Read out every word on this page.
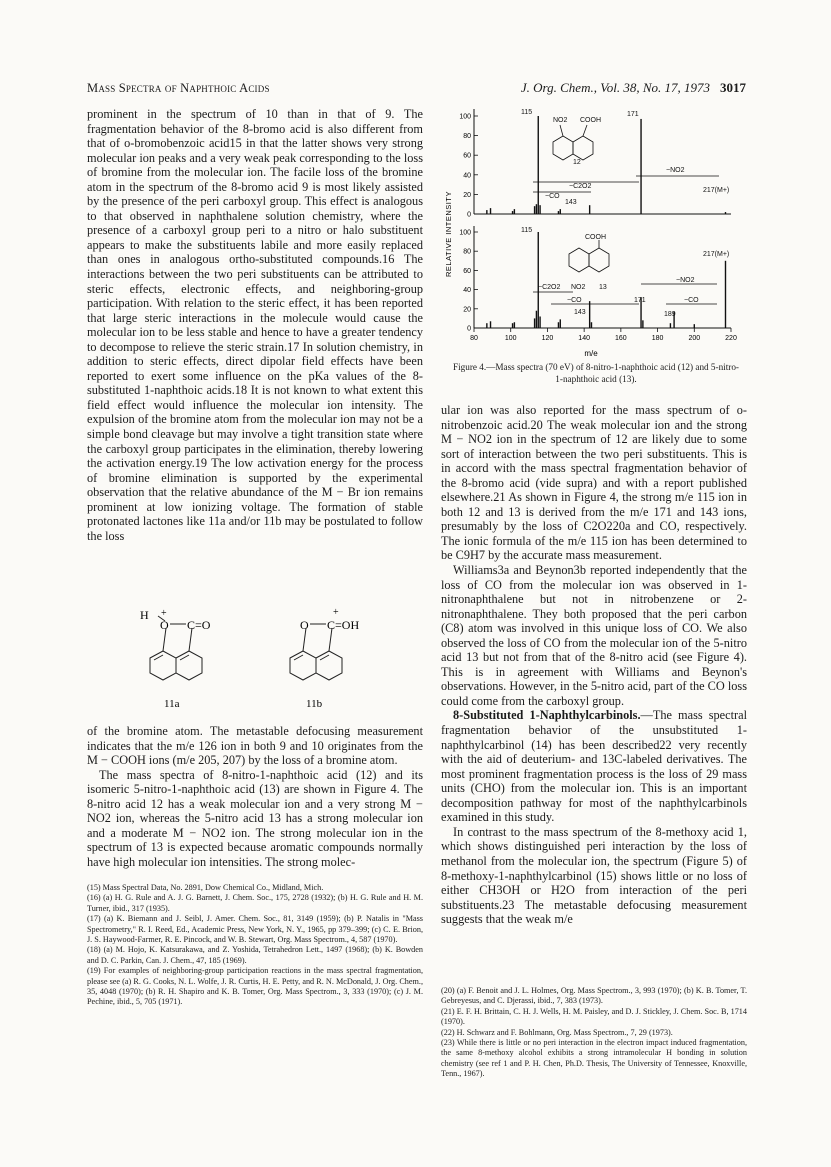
Mass Spectra of Naphthoic Acids	J. Org. Chem., Vol. 38, No. 17, 1973 3017

prominent in the spectrum of 10 than in that of 9. The fragmentation behavior of the 8-bromo acid is also different from that of o-bromobenzoic acid15 in that the latter shows very strong molecular ion peaks and a very weak peak corresponding to the loss of bromine from the molecular ion. The facile loss of the bromine atom in the spectrum of the 8-bromo acid 9 is most likely assisted by the presence of the peri carboxyl group. This effect is analogous to that observed in naphthalene solution chemistry, where the presence of a carboxyl group peri to a nitro or halo substituent appears to make the substituents labile and more easily replaced than ones in analogous ortho-substituted compounds.16 The interactions between the two peri substituents can be attributed to steric effects, electronic effects, and neighboring-group participation. With relation to the steric effect, it has been reported that large steric interactions in the molecule would cause the molecular ion to be less stable and hence to have a greater tendency to decompose to relieve the steric strain.17 In solution chemistry, in addition to steric effects, direct dipolar field effects have been reported to exert some influence on the pKa values of the 8-substituted 1-naphthoic acids.18 It is not known to what extent this field effect would influence the molecular ion intensity. The expulsion of the bromine atom from the molecular ion may not be a simple bond cleavage but may involve a tight transition state where the carboxyl group participates in the elimination, thereby lowering the activation energy.19 The low activation energy for the process of bromine elimination is supported by the experimental observation that the relative abundance of the M − Br ion remains prominent at low ionizing voltage. The formation of stable protonated lactones like 11a and/or 11b may be postulated to follow the loss

H +
O C=O
11a
+
O C=OH
11b

of the bromine atom. The metastable defocusing measurement indicates that the m/e 126 ion in both 9 and 10 originates from the M − COOH ions (m/e 205, 207) by the loss of a bromine atom.

The mass spectra of 8-nitro-1-naphthoic acid (12) and its isomeric 5-nitro-1-naphthoic acid (13) are shown in Figure 4. The 8-nitro acid 12 has a weak molecular ion and a very strong M − NO2 ion, whereas the 5-nitro acid 13 has a strong molecular ion and a moderate M − NO2 ion. The strong molecular ion in the spectrum of 13 is expected because aromatic compounds normally have high molecular ion intensities. The strong molec-

(15) Mass Spectral Data, No. 2891, Dow Chemical Co., Midland, Mich.

(16) (a) H. G. Rule and A. J. G. Barnett, J. Chem. Soc., 175, 2728 (1932); (b) H. G. Rule and H. M. Turner, ibid., 317 (1935).

(17) (a) K. Biemann and J. Seibl, J. Amer. Chem. Soc., 81, 3149 (1959); (b) P. Natalis in "Mass Spectrometry," R. I. Reed, Ed., Academic Press, New York, N. Y., 1965, pp 379–399; (c) C. E. Brion, J. S. Haywood-Farmer, R. E. Pincock, and W. B. Stewart, Org. Mass Spectrom., 4, 587 (1970).

(18) (a) M. Hojo, K. Katsurakawa, and Z. Yoshida, Tetrahedron Lett., 1497 (1968); (b) K. Bowden and D. C. Parkin, Can. J. Chem., 47, 185 (1969).

(19) For examples of neighboring-group participation reactions in the mass spectral fragmentation, please see (a) R. G. Cooks, N. L. Wolfe, J. R. Curtis, H. E. Petty, and R. N. McDonald, J. Org. Chem., 35, 4048 (1970); (b) R. H. Shapiro and K. B. Tomer, Org. Mass Spectrom., 3, 333 (1970); (c) J. M. Pechine, ibid., 5, 705 (1971).

RELATIVE INTENSITY
100
80
60
40
20
0
100
80
60
40
20
0
80	100	120	140	160	180	200	220
m/e
115	171
NO2 COOH
12
−NO2
−C2O2
−CO
143
217(M+)
115
COOH
13
NO2
217(M+)
−NO2
−C2O2
−CO	−CO
143
171
189
Figure 4.—Mass spectra (70 eV) of 8-nitro-1-naphthoic acid (12) and 5-nitro-1-naphthoic acid (13).

ular ion was also reported for the mass spectrum of o-nitrobenzoic acid.20 The weak molecular ion and the strong M − NO2 ion in the spectrum of 12 are likely due to some sort of interaction between the two peri substituents. This is in accord with the mass spectral fragmentation behavior of the 8-bromo acid (vide supra) and with a report published elsewhere.21 As shown in Figure 4, the strong m/e 115 ion in both 12 and 13 is derived from the m/e 171 and 143 ions, presumably by the loss of C2O220a and CO, respectively. The ionic formula of the m/e 115 ion has been determined to be C9H7 by the accurate mass measurement.

Williams3a and Beynon3b reported independently that the loss of CO from the molecular ion was observed in 1-nitronaphthalene but not in nitrobenzene or 2-nitronaphthalene. They both proposed that the peri carbon (C8) atom was involved in this unique loss of CO. We also observed the loss of CO from the molecular ion of the 5-nitro acid 13 but not from that of the 8-nitro acid (see Figure 4). This is in agreement with Williams and Beynon's observations. However, in the 5-nitro acid, part of the CO loss could come from the carboxyl group.

8-Substituted 1-Naphthylcarbinols.—The mass spectral fragmentation behavior of the unsubstituted 1-naphthylcarbinol (14) has been described22 very recently with the aid of deuterium- and 13C-labeled derivatives. The most prominent fragmentation process is the loss of 29 mass units (CHO) from the molecular ion. This is an important decomposition pathway for most of the naphthylcarbinols examined in this study.

In contrast to the mass spectrum of the 8-methoxy acid 1, which shows distinguished peri interaction by the loss of methanol from the molecular ion, the spectrum (Figure 5) of 8-methoxy-1-naphthylcarbinol (15) shows little or no loss of either CH3OH or H2O from interaction of the peri substituents.23 The metastable defocusing measurement suggests that the weak m/e

(20) (a) F. Benoit and J. L. Holmes, Org. Mass Spectrom., 3, 993 (1970); (b) K. B. Tomer, T. Gebreyesus, and C. Djerassi, ibid., 7, 383 (1973).

(21) E. F. H. Brittain, C. H. J. Wells, H. M. Paisley, and D. J. Stickley, J. Chem. Soc. B, 1714 (1970).

(22) H. Schwarz and F. Bohlmann, Org. Mass Spectrom., 7, 29 (1973).

(23) While there is little or no peri interaction in the electron impact induced fragmentation, the same 8-methoxy alcohol exhibits a strong intramolecular H bonding in solution chemistry (see ref 1 and P. H. Chen, Ph.D. Thesis, The University of Tennessee, Knoxville, Tenn., 1967).
